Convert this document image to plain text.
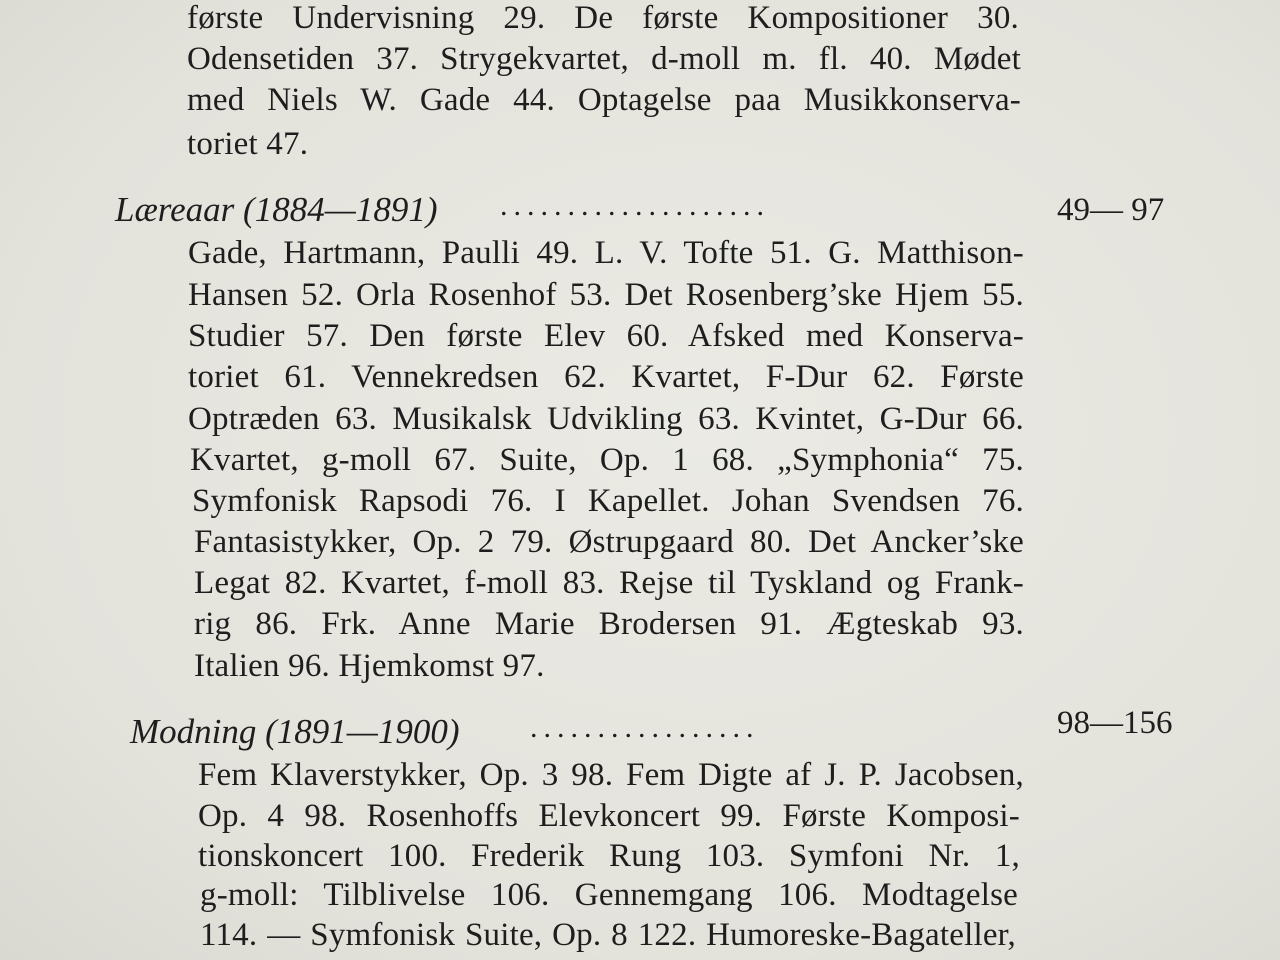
første Undervisning 29. De første Kompositioner 30.
Odensetiden 37. Strygekvartet, d-moll m. fl. 40. Mødet
med Niels W. Gade 44. Optagelse paa Musikkonserva-
toriet 47.
Læreaar (1884—1891) ....................	49— 97
Gade, Hartmann, Paulli 49. L. V. Tofte 51. G. Matthison-
Hansen 52. Orla Rosenhof 53. Det Rosenberg’ske Hjem 55.
Studier 57. Den første Elev 60. Afsked med Konserva-
toriet 61. Vennekredsen 62. Kvartet, F-Dur 62. Første
Optræden 63. Musikalsk Udvikling 63. Kvintet, G-Dur 66.
Kvartet, g-moll 67. Suite, Op. 1 68. „Symphonia“ 75.
Symfonisk Rapsodi 76. I Kapellet. Johan Svendsen 76.
Fantasistykker, Op. 2 79. Østrupgaard 80. Det Ancker’ske
Legat 82. Kvartet, f-moll 83. Rejse til Tyskland og Frank-
rig 86. Frk. Anne Marie Brodersen 91. Ægteskab 93.
Italien 96. Hjemkomst 97.
Modning (1891—1900) .................	98—156
Fem Klaverstykker, Op. 3 98. Fem Digte af J. P. Jacobsen,
Op. 4 98. Rosenhoffs Elevkoncert 99. Første Komposi-
tionskoncert 100. Frederik Rung 103. Symfoni Nr. 1,
g-moll: Tilblivelse 106. Gennemgang 106. Modtagelse
114. — Symfonisk Suite, Op. 8 122. Humoreske-Bagateller,
